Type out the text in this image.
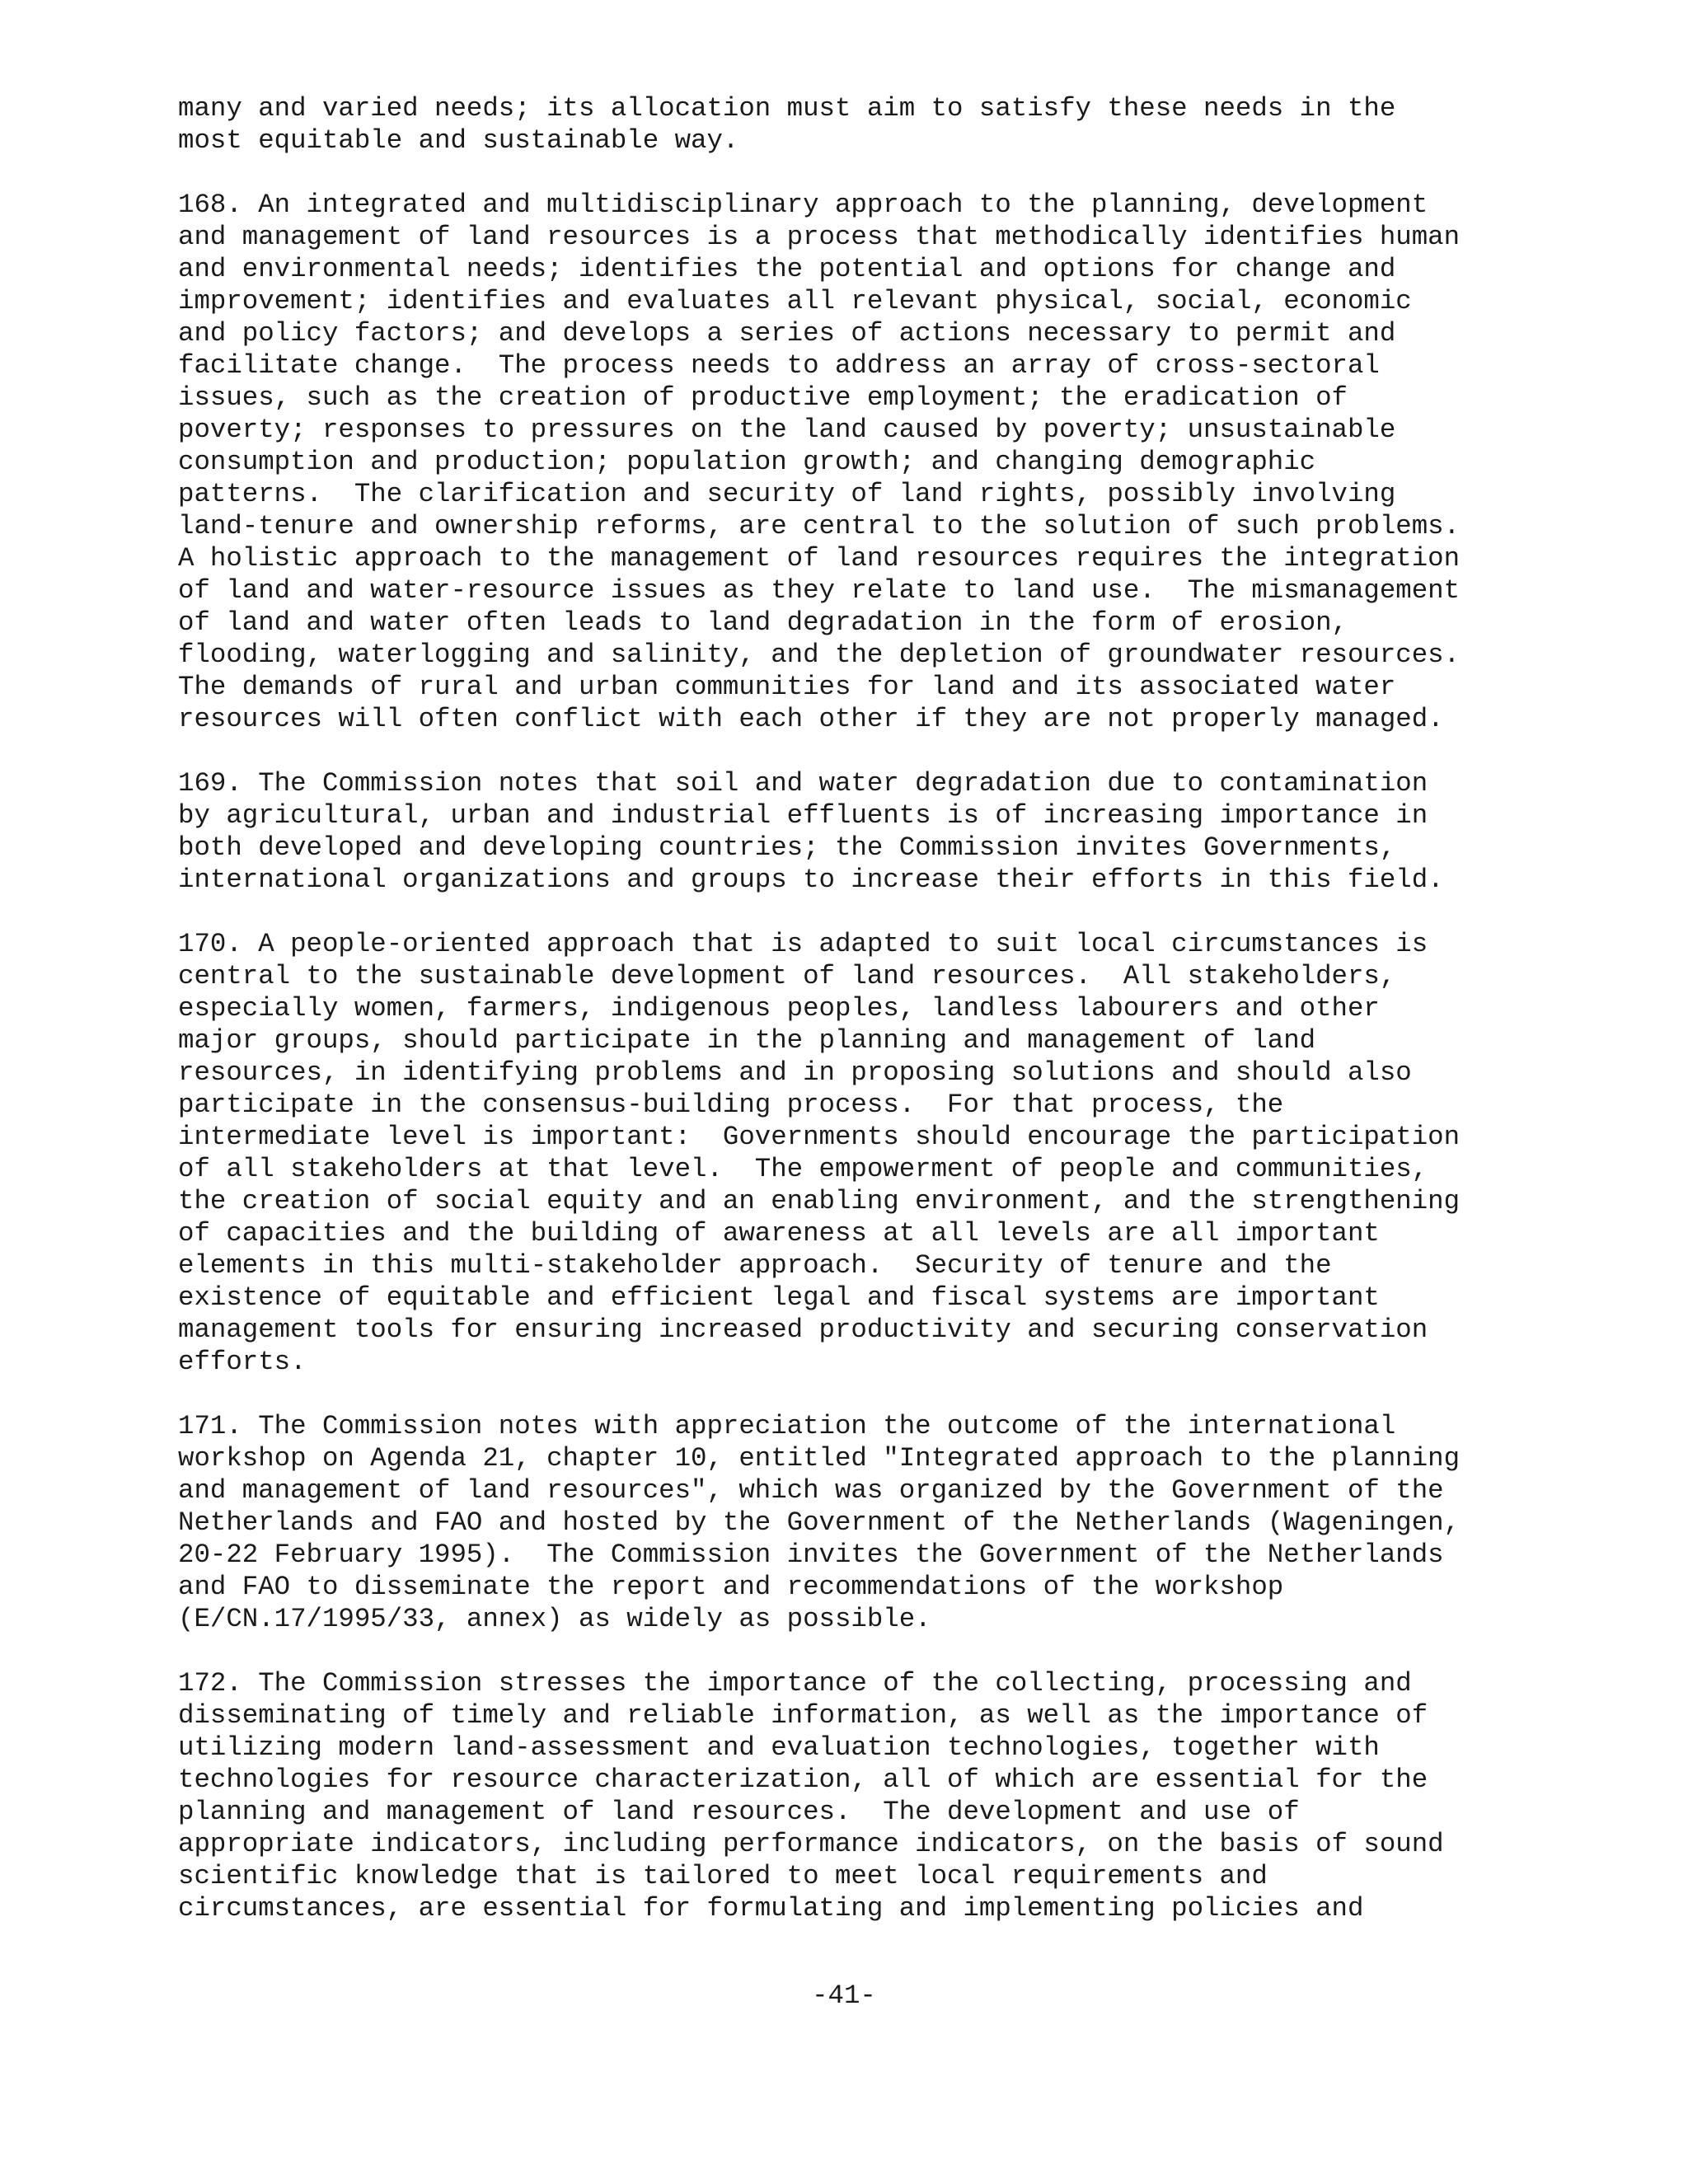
many and varied needs; its allocation must aim to satisfy these needs in the
most equitable and sustainable way.
168. An integrated and multidisciplinary approach to the planning, development
and management of land resources is a process that methodically identifies human
and environmental needs; identifies the potential and options for change and
improvement; identifies and evaluates all relevant physical, social, economic
and policy factors; and develops a series of actions necessary to permit and
facilitate change.  The process needs to address an array of cross-sectoral
issues, such as the creation of productive employment; the eradication of
poverty; responses to pressures on the land caused by poverty; unsustainable
consumption and production; population growth; and changing demographic
patterns.  The clarification and security of land rights, possibly involving
land-tenure and ownership reforms, are central to the solution of such problems.
A holistic approach to the management of land resources requires the integration
of land and water-resource issues as they relate to land use.  The mismanagement
of land and water often leads to land degradation in the form of erosion,
flooding, waterlogging and salinity, and the depletion of groundwater resources.
The demands of rural and urban communities for land and its associated water
resources will often conflict with each other if they are not properly managed.
169. The Commission notes that soil and water degradation due to contamination
by agricultural, urban and industrial effluents is of increasing importance in
both developed and developing countries; the Commission invites Governments,
international organizations and groups to increase their efforts in this field.
170. A people-oriented approach that is adapted to suit local circumstances is
central to the sustainable development of land resources.  All stakeholders,
especially women, farmers, indigenous peoples, landless labourers and other
major groups, should participate in the planning and management of land
resources, in identifying problems and in proposing solutions and should also
participate in the consensus-building process.  For that process, the
intermediate level is important:  Governments should encourage the participation
of all stakeholders at that level.  The empowerment of people and communities,
the creation of social equity and an enabling environment, and the strengthening
of capacities and the building of awareness at all levels are all important
elements in this multi-stakeholder approach.  Security of tenure and the
existence of equitable and efficient legal and fiscal systems are important
management tools for ensuring increased productivity and securing conservation
efforts.
171. The Commission notes with appreciation the outcome of the international
workshop on Agenda 21, chapter 10, entitled "Integrated approach to the planning
and management of land resources", which was organized by the Government of the
Netherlands and FAO and hosted by the Government of the Netherlands (Wageningen,
20-22 February 1995).  The Commission invites the Government of the Netherlands
and FAO to disseminate the report and recommendations of the workshop
(E/CN.17/1995/33, annex) as widely as possible.
172. The Commission stresses the importance of the collecting, processing and
disseminating of timely and reliable information, as well as the importance of
utilizing modern land-assessment and evaluation technologies, together with
technologies for resource characterization, all of which are essential for the
planning and management of land resources.  The development and use of
appropriate indicators, including performance indicators, on the basis of sound
scientific knowledge that is tailored to meet local requirements and
circumstances, are essential for formulating and implementing policies and
-41-
